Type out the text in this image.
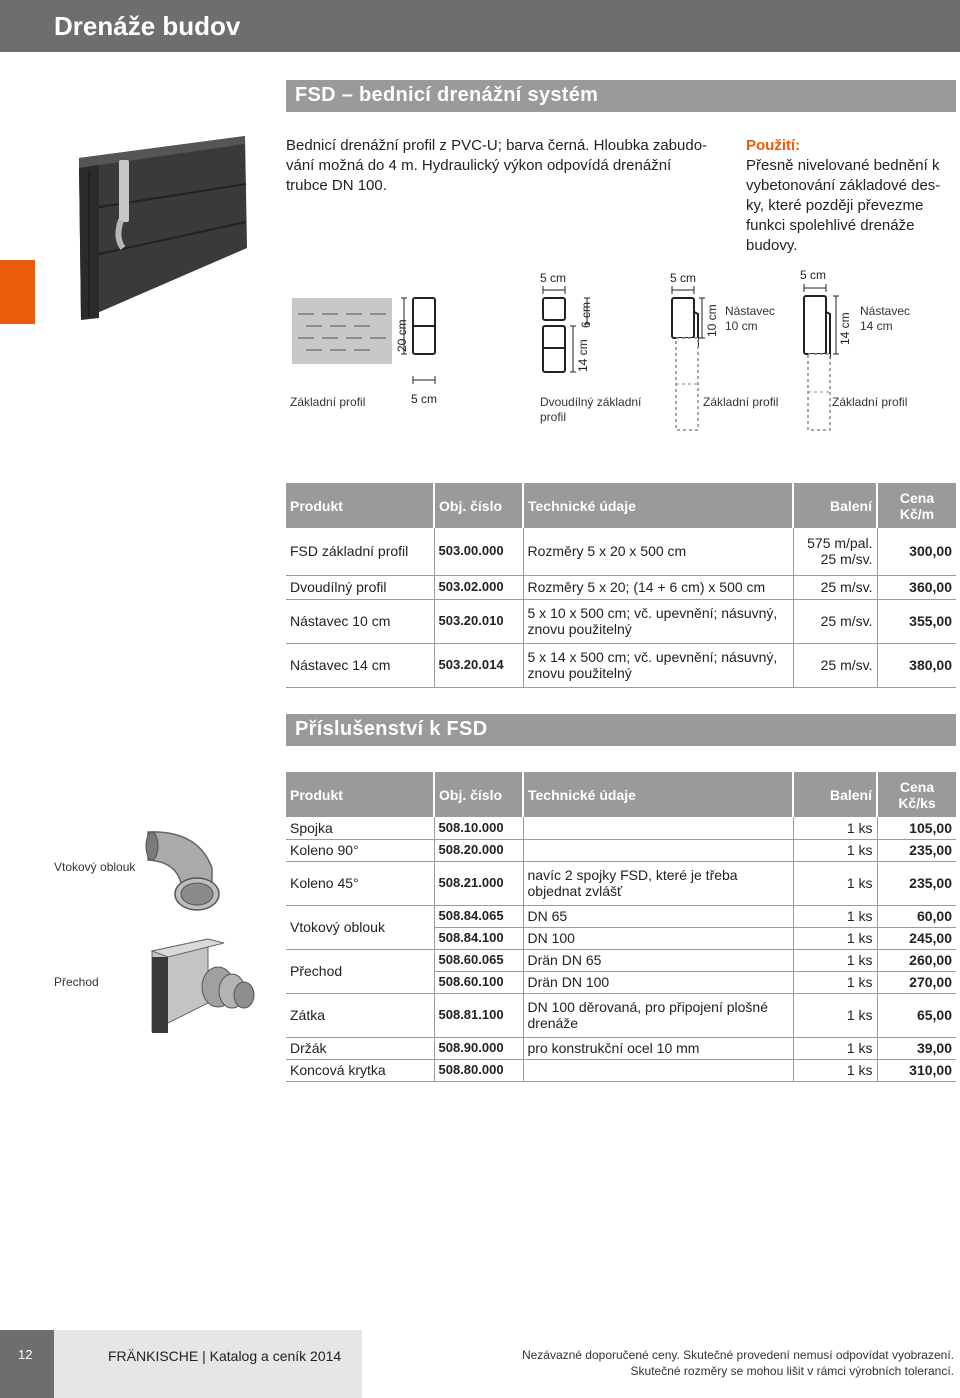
Drenáže budov
FSD – bednicí drenážní systém
Bednicí drenážní profil z PVC-U; barva černá. Hloubka zabudo-
vání možná do 4 m. Hydraulický výkon odpovídá drenážní
trubce DN 100.
Použití:
Přesně nivelované bednění k
vybetonování základové des-
ky, které později převezme
funkci spolehlivé drenáže
budovy.
20 cm
5 cm
Základní profil
5 cm
14 cm
6 cm
Dvoudílný základní
profil
5 cm
10 cm Nástavec
10 cm
Základní profil
5 cm
14 cm
Nástavec
14 cm
Základní profil
Produkt	Obj. číslo	Technické údaje	Balení	Cena
Kč/m

FSD základní profil	503.00.000	Rozměry 5 x 20 x 500 cm	575 m/pal.
25 m/sv.	300,00
Dvoudílný profil	503.02.000	Rozměry 5 x 20; (14 + 6 cm) x 500 cm	25 m/sv.	360,00
Nástavec 10 cm	503.20.010	5 x 10 x 500 cm; vč. upevnění; násuvný,
znovu použitelný	25 m/sv.	355,00
Nástavec 14 cm	503.20.014	5 x 14 x 500 cm; vč. upevnění; násuvný,
znovu použitelný	25 m/sv.	380,00
Příslušenství k FSD
Vtokový oblouk
Přechod
Produkt	Obj. číslo	Technické údaje	Balení	Cena
Kč/ks

Spojka	508.10.000		1 ks	105,00
Koleno 90°	508.20.000		1 ks	235,00
Koleno 45°	508.21.000	navíc 2 spojky FSD, které je třeba
objednat zvlášť	1 ks	235,00
Vtokový oblouk	508.84.065	DN 65	1 ks	60,00
	508.84.100	DN 100	1 ks	245,00
Přechod	508.60.065	Drän DN 65	1 ks	260,00
	508.60.100	Drän DN 100	1 ks	270,00
Zátka	508.81.100	DN 100 děrovaná, pro připojení plošné
drenáže	1 ks	65,00
Držák	508.90.000	pro konstrukční ocel 10 mm	1 ks	39,00
Koncová krytka	508.80.000		1 ks	310,00
12	FRÄNKISCHE | Katalog a ceník 2014	Nezávazné doporučené ceny. Skutečné provedení nemusí odpovídat vyobrazení.
Skutečné rozměry se mohou lišit v rámci výrobních tolerancí.
